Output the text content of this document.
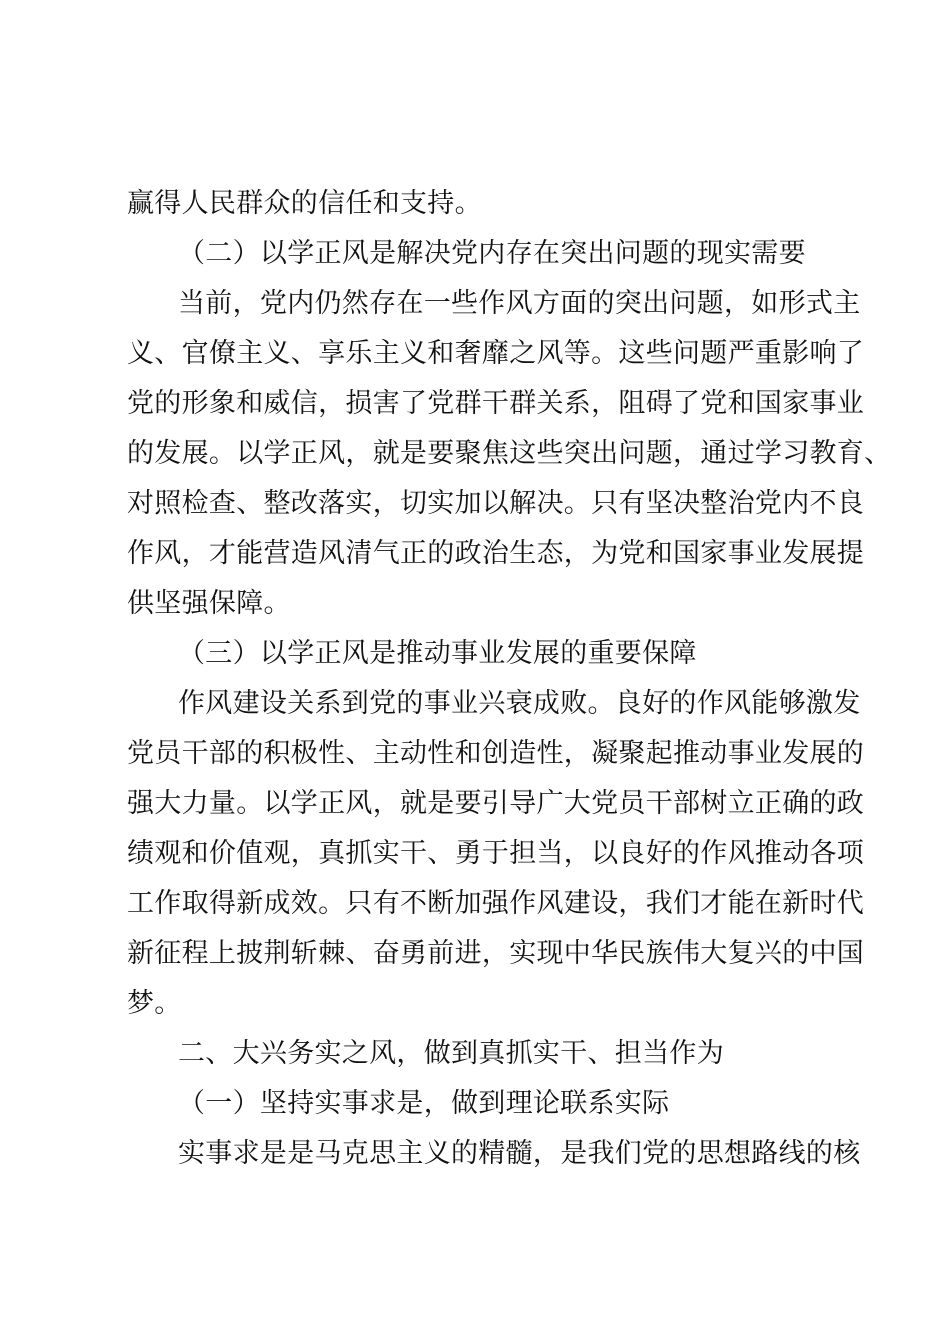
赢得人民群众的信任和支持。
（二）以学正风是解决党内存在突出问题的现实需要
当前，党内仍然存在一些作风方面的突出问题，如形式主
义、官僚主义、享乐主义和奢靡之风等。这些问题严重影响了
党的形象和威信，损害了党群干群关系，阻碍了党和国家事业
的发展。以学正风，就是要聚焦这些突出问题，通过学习教育、
对照检查、整改落实，切实加以解决。只有坚决整治党内不良
作风，才能营造风清气正的政治生态，为党和国家事业发展提
供坚强保障。
（三）以学正风是推动事业发展的重要保障
作风建设关系到党的事业兴衰成败。良好的作风能够激发
党员干部的积极性、主动性和创造性，凝聚起推动事业发展的
强大力量。以学正风，就是要引导广大党员干部树立正确的政
绩观和价值观，真抓实干、勇于担当，以良好的作风推动各项
工作取得新成效。只有不断加强作风建设，我们才能在新时代
新征程上披荆斩棘、奋勇前进，实现中华民族伟大复兴的中国
梦。
二、大兴务实之风，做到真抓实干、担当作为
（一）坚持实事求是，做到理论联系实际
实事求是是马克思主义的精髓，是我们党的思想路线的核
